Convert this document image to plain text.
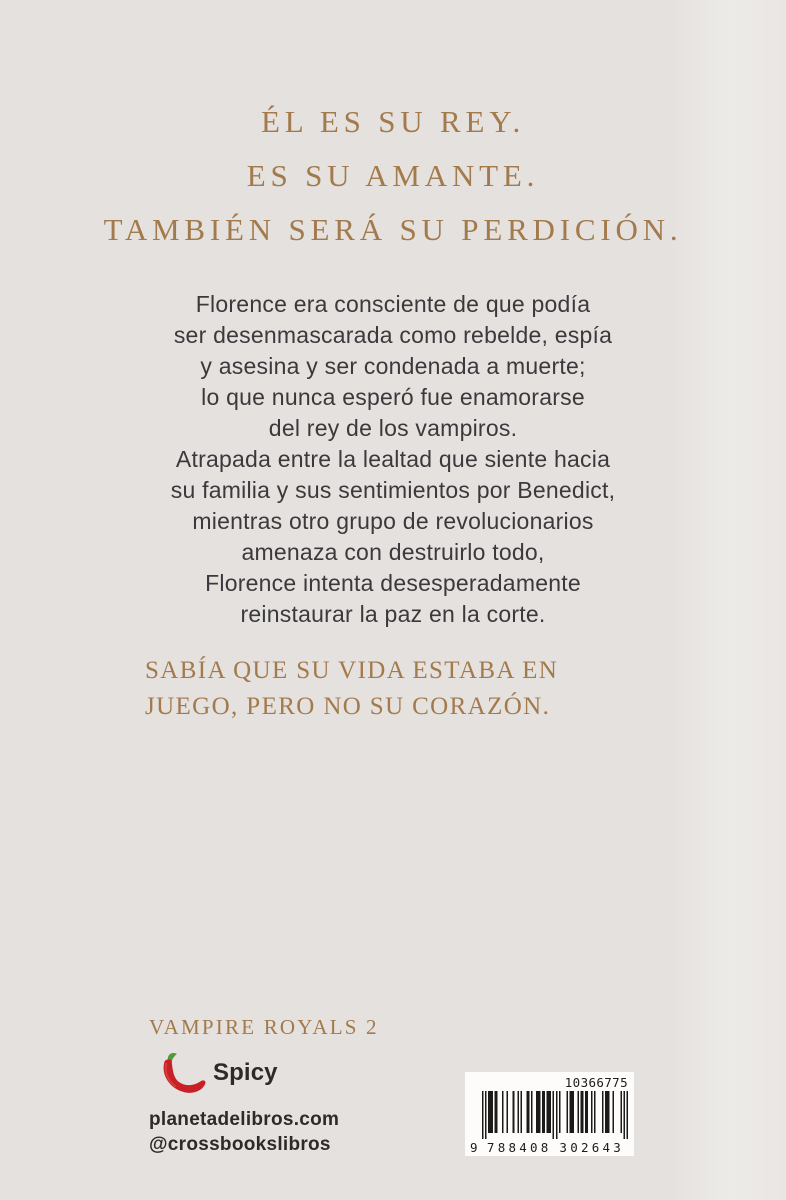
ÉL ES SU REY.
ES SU AMANTE.
TAMBIÉN SERÁ SU PERDICIÓN.
Florence era consciente de que podía
ser desenmascarada como rebelde, espía
y asesina y ser condenada a muerte;
lo que nunca esperó fue enamorarse
del rey de los vampiros.
Atrapada entre la lealtad que siente hacia
su familia y sus sentimientos por Benedict,
mientras otro grupo de revolucionarios
amenaza con destruirlo todo,
Florence intenta desesperadamente
reinstaurar la paz en la corte.
SABÍA QUE SU VIDA ESTABA EN
JUEGO, PERO NO SU CORAZÓN.
VAMPIRE ROYALS 2
Spicy
planetadelibros.com
@crossbookslibros
10366775
9 788408 302643
